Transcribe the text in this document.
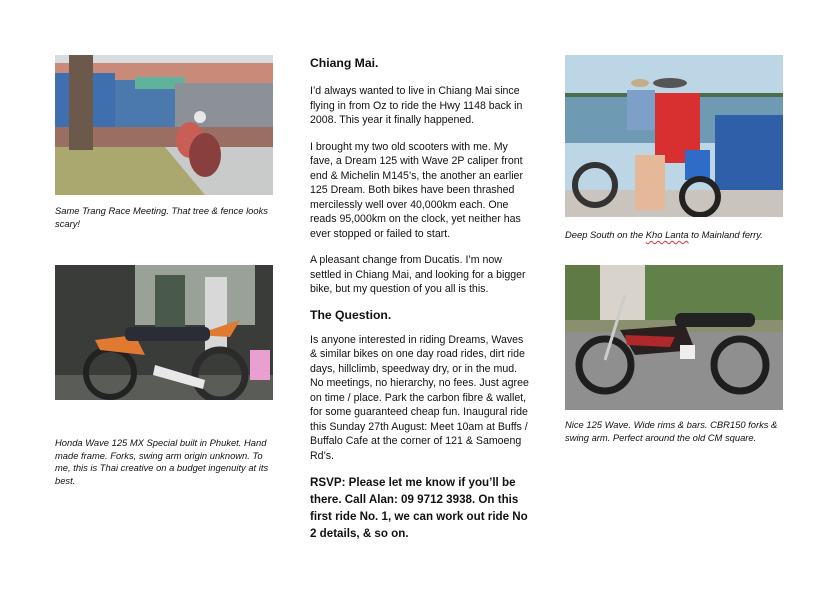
Same Trang Race Meeting. That tree & fence looks scary!
Honda Wave 125 MX Special built in Phuket. Hand made frame. Forks, swing arm origin unknown. To me, this is Thai creative on a budget ingenuity at its best.
Chiang Mai.

I’d always wanted to live in Chiang Mai since flying in from Oz to ride the Hwy 1148 back in 2008. This year it finally happened.

I brought my two old scooters with me. My fave, a Dream 125 with Wave 2P caliper front end & Michelin M145’s, the another an earlier 125 Dream. Both bikes have been thrashed mercilessly well over 40,000km each. One reads 95,000km on the clock, yet neither has ever stopped or failed to start.

A pleasant change from Ducatis. I’m now settled in Chiang Mai, and looking for a bigger bike, but my question of you all is this.

The Question.

Is anyone interested in riding Dreams, Waves & similar bikes on one day road rides, dirt ride days, hillclimb, speedway dry, or in the mud. No meetings, no hierarchy, no fees. Just agree on time / place. Park the carbon fibre & wallet, for some guaranteed cheap fun. Inaugural ride this Sunday 27th August: Meet 10am at Buffs / Buffalo Cafe at the corner of 121 & Samoeng Rd’s.

RSVP: Please let me know if you’ll be there. Call Alan: 09 9712 3938. On this first ride No. 1, we can work out ride No 2 details, & so on.

Deep South on the Kho Lanta to Mainland ferry.
Nice 125 Wave. Wide rims & bars. CBR150 forks & swing arm. Perfect around the old CM square.
